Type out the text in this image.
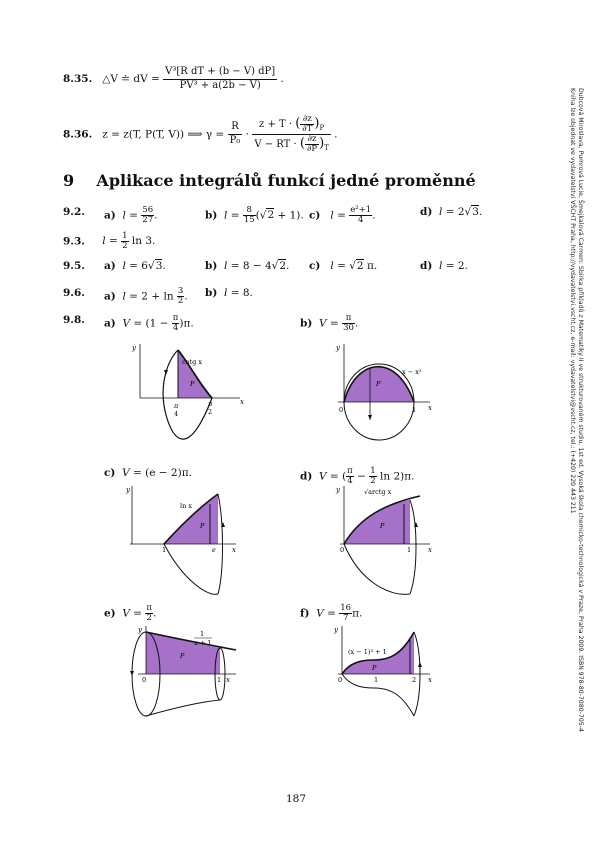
Dubcová Miroslava, Pumrová Lucie, Šmejkalová Carmen: Sbírka příkladů z Matematiky II ve strukturovaném studiu. 1st ed. Vysoká škola chemicko-technologická v Praze, Praha 2009. ISBN 978-80-7080-705-4
Kniha lze objednat ve vydavatelství VŠCHT Praha, http://vydavatelstvi.vscht.cz, e-mail: vydavatelstvi@vscht.cz, tel.: (+420) 220 443 211
8.35. △V ≐ dV = $\frac{\text{V³[R dT + (b − V) dP]}}{\text{PV³ + a(2b − V)}}$ .
8.36. z = z(T, P(T, V)) ⟹ $\gamma = \frac{R}{\text{P₀}} \cdot \frac{z + T \cdot ( \frac{\partial z}{\partial T} )_P}{V - RT \cdot ( \frac{\partial z}{\partial P} )_T}$ .
9 Aplikace integrálů funkcí jedné proměnné
9.2. a) $l = \frac{56}{27}$ .	b) $l = \frac{8}{15} (√2 + 1)$. c) $l = \frac{\text{e²+1}}{4}$ .	d) l = 2√3.
9.3. $l = \frac{1}{2}$ ln 3.
9.5. a) l = 6√3.	b) l = 8 − 4√2. c) l = √2 π.	d) l = 2.
9.6. a) $l = 2 + \ln \frac{3}{2}$ . b) l = 8.
9.8. a) $V = (1 - \frac{\pi}{4} )\pi$.	b) $V = \frac{\pi}{30}$ .
y
x
cotg x
P
π
4
π
2
y
x
x − x²
P
0	1
c) V = (e − 2)π.	d) V = ( $\frac{\pi}{4} - \frac{1}{2}$ ln 2)π.
y
x
ln x
P
1	e
y
x
√arctg x
P
0	1
e) $V = \frac{\pi}{2}$ .	f) $V = \frac{16}{7} \pi$.
y
x
1
x + 1
P
0	1
y
x
(x − 1)³ + 1
P
0	1	2
187
